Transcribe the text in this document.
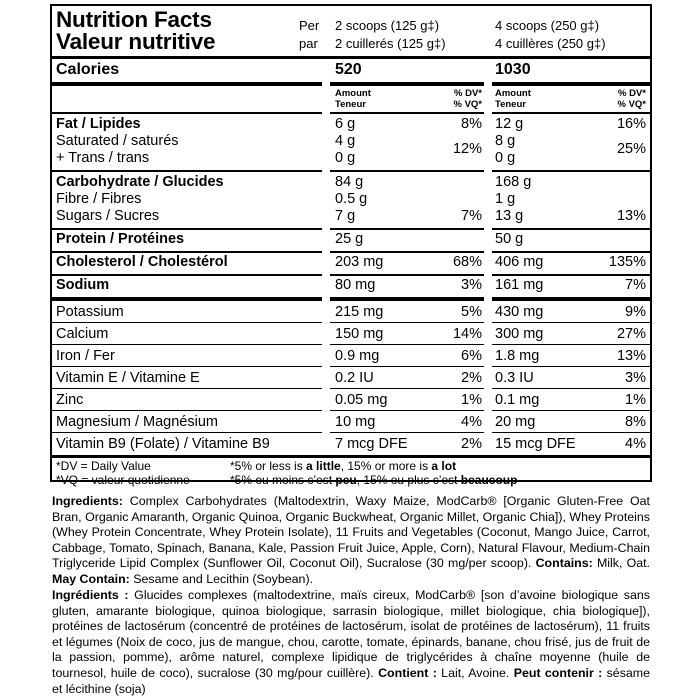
Nutrition Facts
Valeur nutritive
Per
par
2 scoops (125 g‡)
2 cuillerés (125 g‡)
4 scoops (250 g‡)
4 cuillères (250 g‡)
Calories	520	1030
Amount
Teneur
% DV*
% VQ*
Amount
Teneur
% DV*
% VQ*
Fat / Lipides	6 g	8% 12 g	16%
Saturated / saturés	4 g	8 g
12%	25%
+ Trans / trans	0 g	0 g
Carbohydrate / Glucides	84 g	168 g
Fibre / Fibres	0.5 g	1 g
Sugars / Sucres	7 g	7% 13 g	13%
Protein / Protéines	25 g	50 g
Cholesterol / Cholestérol	203 mg	68% 406 mg	135%
Sodium	80 mg	3% 161 mg	7%
Potassium	215 mg	5% 430 mg	9%
Calcium	150 mg	14% 300 mg	27%
Iron / Fer	0.9 mg	6% 1.8 mg	13%
Vitamin E / Vitamine E	0.2 IU	2% 0.3 IU	3%
Zinc	0.05 mg	1% 0.1 mg	1%
Magnesium / Magnésium	10 mg	4% 20 mg	8%
Vitamin B9 (Folate) / Vitamine B9	7 mcg DFE	2% 15 mcg DFE	4%
*DV = Daily Value
*VQ = valeur quotidienne
*5% or less is a little, 15% or more is a lot
*5% ou moins c’est peu, 15% ou plus c’est beaucoup
Ingredients: Complex Carbohydrates (Maltodextrin, Waxy Maize, ModCarb® [Organic Gluten-Free Oat Bran, Organic Amaranth, Organic Quinoa, Organic Buckwheat, Organic Millet, Organic Chia]), Whey Proteins (Whey Protein Concentrate, Whey Protein Isolate), 11 Fruits and Vegetables (Coconut, Mango Juice, Carrot, Cabbage, Tomato, Spinach, Banana, Kale, Passion Fruit Juice, Apple, Corn), Natural Flavour, Medium-Chain Triglyceride Lipid Complex (Sunflower Oil, Coconut Oil), Sucralose (30 mg/per scoop). Contains: Milk, Oat. May Contain: Sesame and Lecithin (Soybean).
Ingrédients : Glucides complexes (maltodextrine, maïs cireux, ModCarb® [son d’avoine biologique sans gluten, amarante biologique, quinoa biologique, sarrasin biologique, millet biologique, chia biologique]), protéines de lactosérum (concentré de protéines de lactosérum, isolat de protéines de lactosérum), 11 fruits et légumes (Noix de coco, jus de mangue, chou, carotte, tomate, épinards, banane, chou frisé, jus de fruit de la passion, pomme), arôme naturel, complexe lipidique de triglycérides à chaîne moyenne (huile de tournesol, huile de coco), sucralose (30 mg/pour cuillère). Contient : Lait, Avoine. Peut contenir : sésame et lécithine (soja)
